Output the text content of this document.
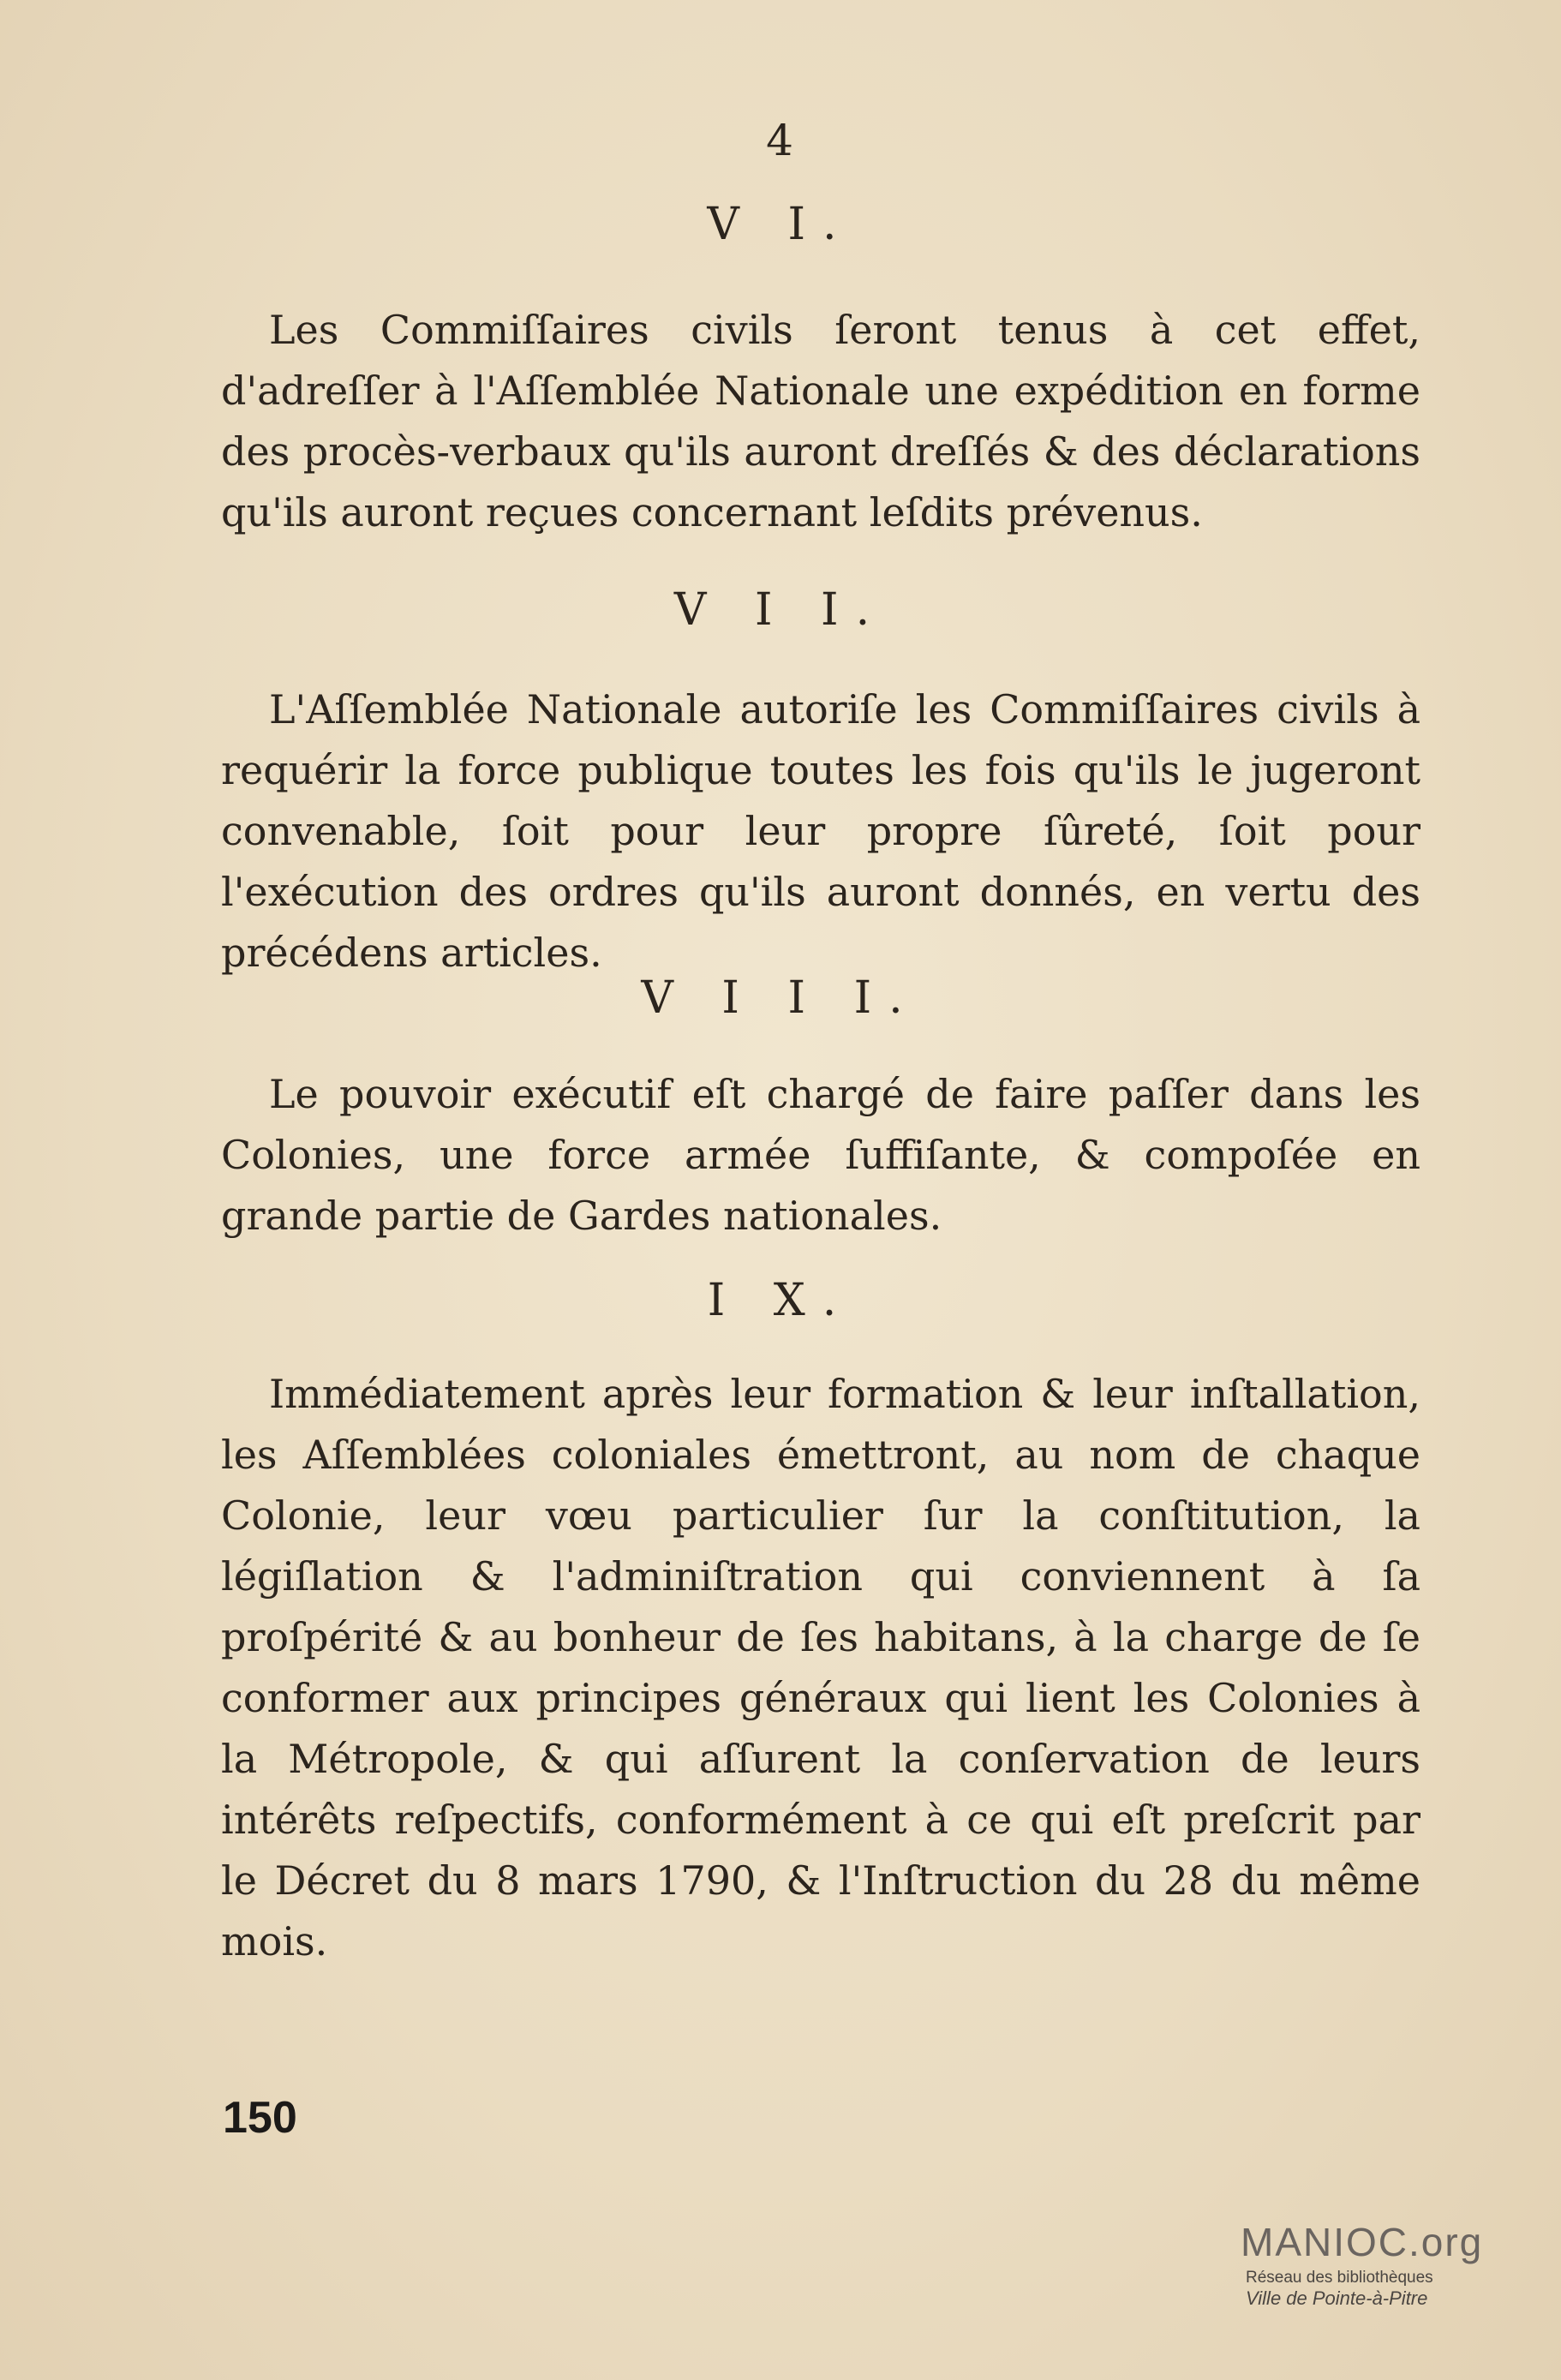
4
V I.

Les Commiſſaires civils ſeront tenus à cet effet, d'adreſſer à l'Aſſemblée Nationale une expédition en forme des procès-verbaux qu'ils auront dreſſés & des déclarations qu'ils auront reçues concernant leſdits prévenus.

V I I.

L'Aſſemblée Nationale autoriſe les Commiſſaires civils à requérir la force publique toutes les fois qu'ils le jugeront convenable, ſoit pour leur propre ſûreté, ſoit pour l'exécution des ordres qu'ils auront donnés, en vertu des précédens articles.

V I I I.

Le pouvoir exécutif eſt chargé de faire paſſer dans les Colonies, une force armée ſuffiſante, & compoſée en grande partie de Gardes nationales.

I X.

Immédiatement après leur formation & leur inſtallation, les Aſſemblées coloniales émettront, au nom de chaque Colonie, leur vœu particulier ſur la conſtitution, la légiſlation & l'adminiſtration qui conviennent à ſa proſpérité & au bonheur de ſes habitans, à la charge de ſe conformer aux principes généraux qui lient les Colonies à la Métropole, & qui aſſurent la conſervation de leurs intérêts reſpectifs, conformément à ce qui eſt preſcrit par le Décret du 8 mars 1790, & l'Inſtruction du 28 du même mois.

150
MANIOC.org
Réseau des bibliothèques
Ville de Pointe-à-Pitre
